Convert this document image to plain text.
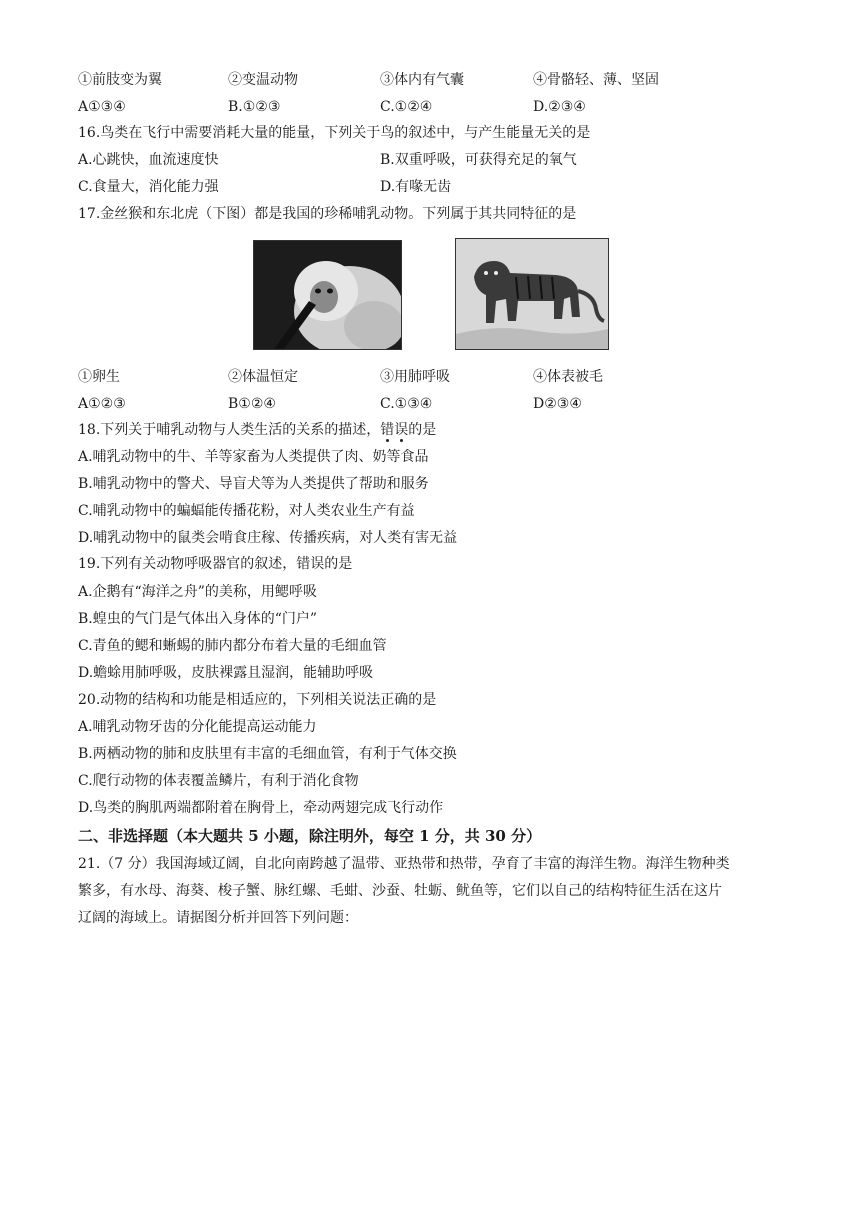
①前肢变为翼	②变温动物	③体内有气囊	④骨骼轻、薄、坚固
A①③④	B.①②③	C.①②④	D.②③④
16.鸟类在飞行中需要消耗大量的能量，下列关于鸟的叙述中，与产生能量无关的是
A.心跳快，血流速度快	B.双重呼吸，可获得充足的氧气
C.食量大，消化能力强	D.有喙无齿
17.金丝猴和东北虎（下图）都是我国的珍稀哺乳动物。下列属于其共同特征的是
①卵生	②体温恒定	③用肺呼吸	④体表被毛
A①②③	B①②④	C.①③④	D②③④
18.下列关于哺乳动物与人类生活的关系的描述，错误的是
A.哺乳动物中的牛、羊等家畜为人类提供了肉、奶等食品
B.哺乳动物中的警犬、导盲犬等为人类提供了帮助和服务
C.哺乳动物中的蝙蝠能传播花粉，对人类农业生产有益
D.哺乳动物中的鼠类会啃食庄稼、传播疾病，对人类有害无益
19.下列有关动物呼吸器官的叙述，错误的是
A.企鹅有“海洋之舟”的美称，用鳃呼吸
B.蝗虫的气门是气体出入身体的“门户”
C.青鱼的鳃和蜥蜴的肺内都分布着大量的毛细血管
D.蟾蜍用肺呼吸，皮肤裸露且湿润，能辅助呼吸
20.动物的结构和功能是相适应的，下列相关说法正确的是
A.哺乳动物牙齿的分化能提高运动能力
B.两栖动物的肺和皮肤里有丰富的毛细血管，有利于气体交换
C.爬行动物的体表覆盖鳞片，有利于消化食物
D.鸟类的胸肌两端都附着在胸骨上，牵动两翅完成飞行动作
二、非选择题（本大题共 5 小题，除注明外，每空 1 分，共 30 分）
21.（7 分）我国海域辽阔，自北向南跨越了温带、亚热带和热带，孕育了丰富的海洋生物。海洋生物种类
繁多，有水母、海葵、梭子蟹、脉红螺、毛蚶、沙蚕、牡蛎、鱿鱼等，它们以自己的结构特征生活在这片
辽阔的海域上。请据图分析并回答下列问题：
